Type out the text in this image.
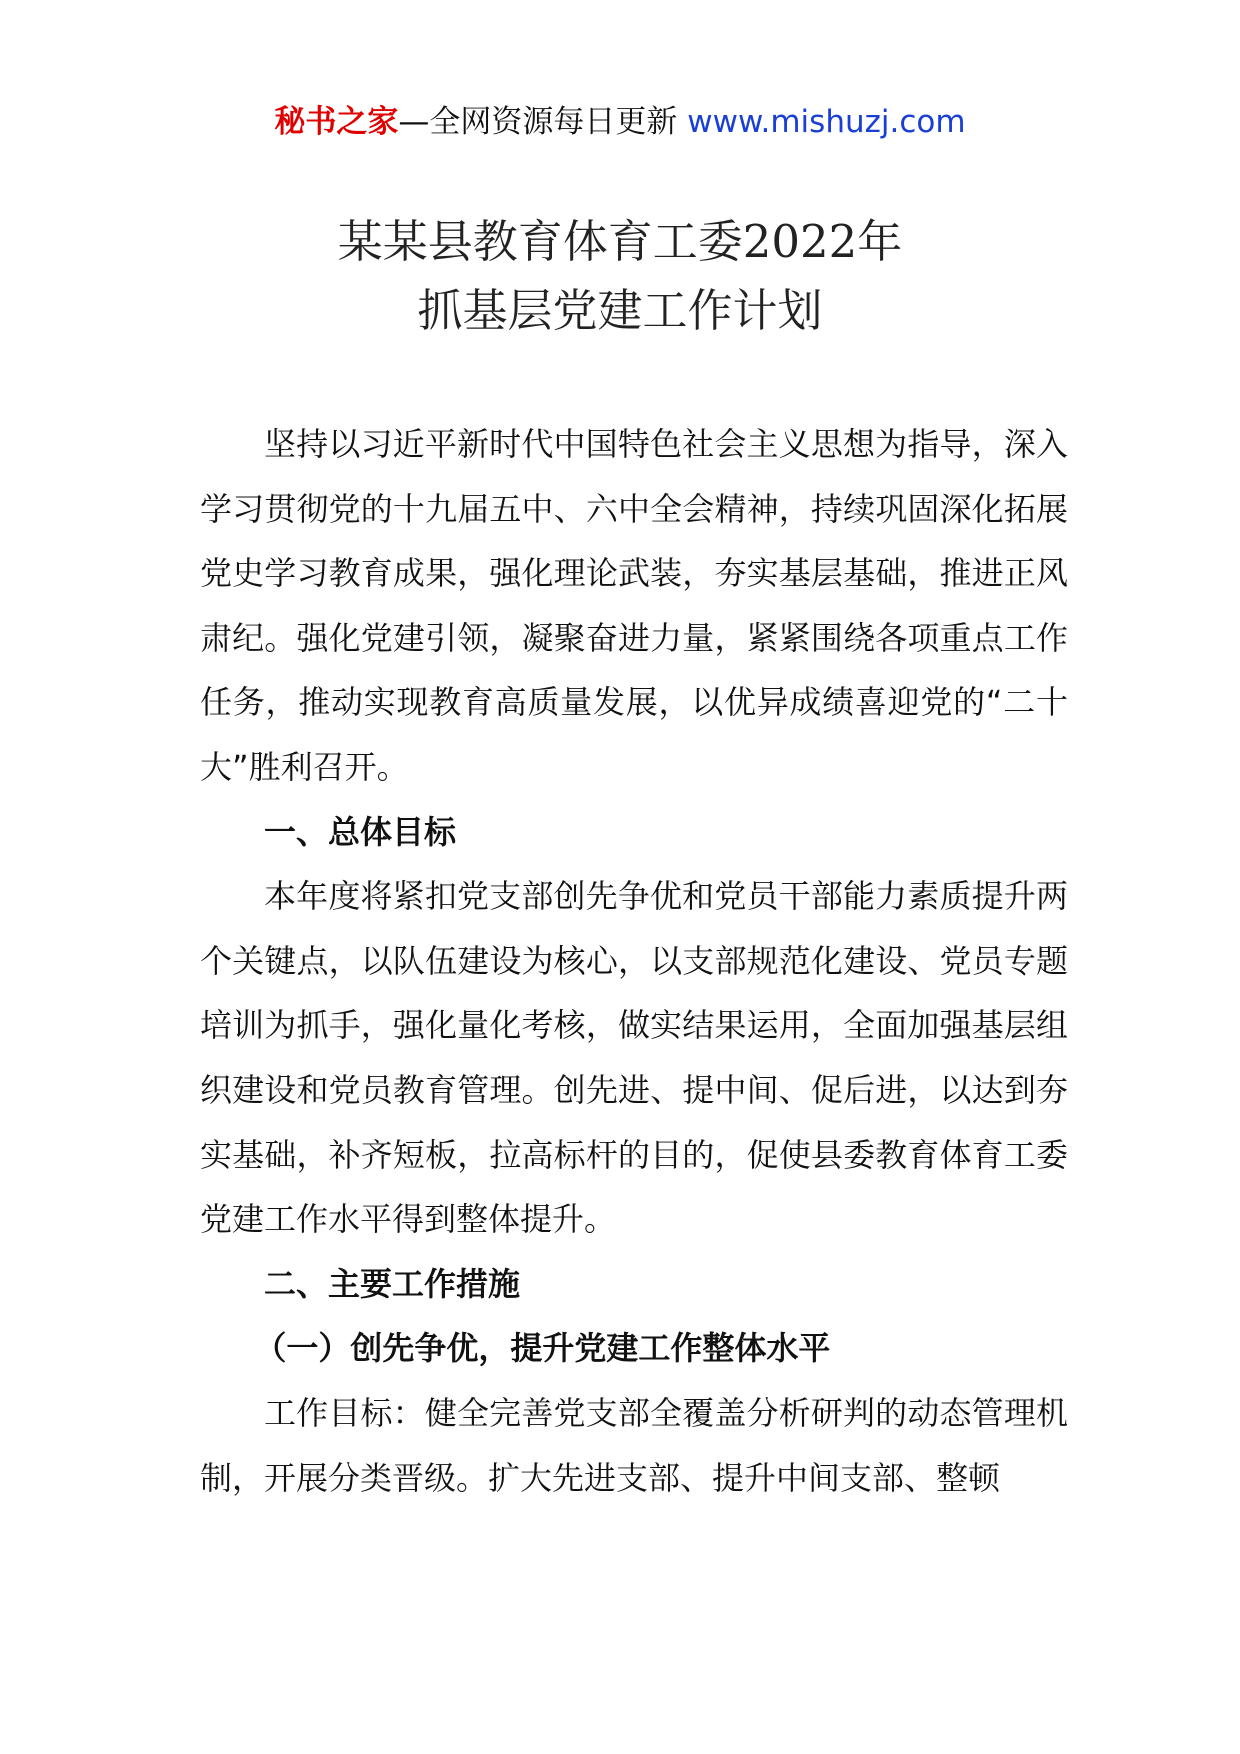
秘书之家—全网资源每日更新 www.mishuzj.com
某某县教育体育工委2022年
抓基层党建工作计划

坚持以习近平新时代中国特色社会主义思想为指导，深入学习贯彻党的十九届五中、六中全会精神，持续巩固深化拓展党史学习教育成果，强化理论武装，夯实基层基础，推进正风肃纪。强化党建引领，凝聚奋进力量，紧紧围绕各项重点工作任务，推动实现教育高质量发展，以优异成绩喜迎党的“二十大”胜利召开。

一、总体目标

本年度将紧扣党支部创先争优和党员干部能力素质提升两个关键点，以队伍建设为核心，以支部规范化建设、党员专题培训为抓手，强化量化考核，做实结果运用，全面加强基层组织建设和党员教育管理。创先进、提中间、促后进，以达到夯实基础，补齐短板，拉高标杆的目的，促使县委教育体育工委党建工作水平得到整体提升。

二、主要工作措施

（一）创先争优，提升党建工作整体水平

工作目标：健全完善党支部全覆盖分析研判的动态管理机制，开展分类晋级。扩大先进支部、提升中间支部、整顿
